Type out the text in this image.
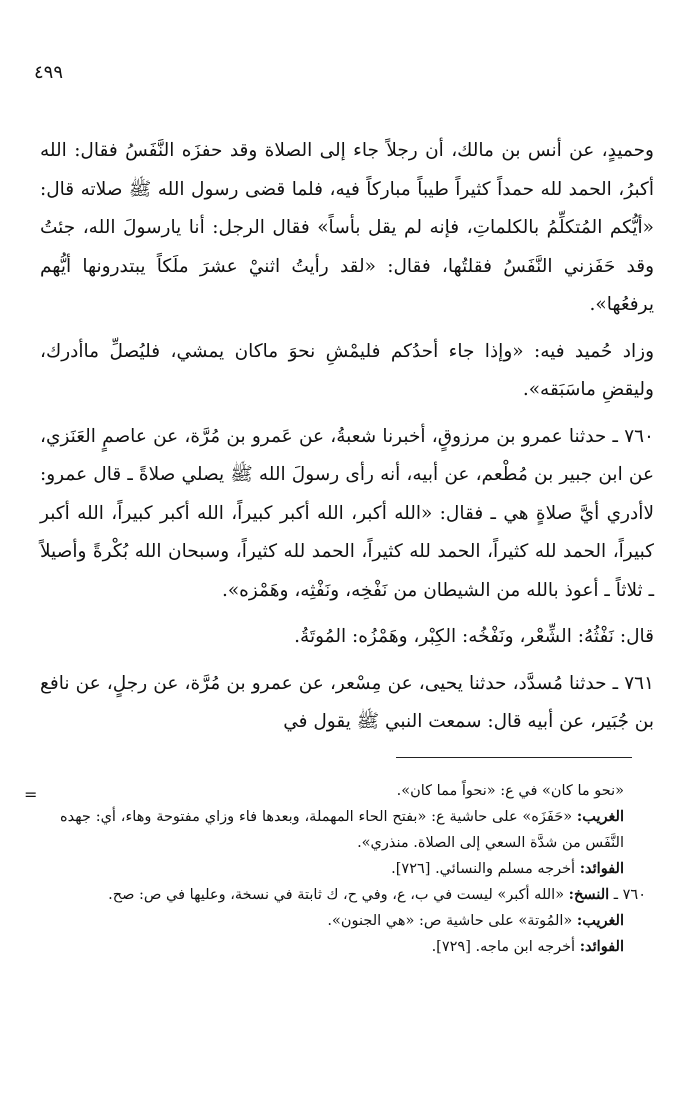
٤٩٩

وحميدٍ، عن أنس بن مالك، أن رجلاً جاء إلى الصلاة وقد حفزَه النَّفَسُ فقال: الله أكبرُ، الحمد لله حمداً كثيراً طيباً مباركاً فيه، فلما قضى رسول الله ﷺ صلاته قال: «أيُّكم المُتكلِّمُ بالكلماتِ، فإنه لم يقل بأساً» فقال الرجل: أنا يارسولَ الله، جئتُ وقد حَفَزني النَّفَسُ فقلتُها، فقال: «لقد رأيتُ اثنيْ عشرَ ملَكاً يبتدرونها أيُّهم يرفعُها».

وزاد حُميد فيه: «وإذا جاء أحدُكم فليمْشِ نحوَ ماكان يمشي، فليُصلِّ ماأدرك، وليقضِ ماسَبَقه».

٧٦٠ ـ حدثنا عمرو بن مرزوقٍ، أخبرنا شعبةُ، عن عَمرو بن مُرَّة، عن عاصمٍ العَنَزي، عن ابن جبير بن مُطْعم، عن أبيه، أنه رأى رسولَ الله ﷺ يصلي صلاةً ـ قال عمرو: لاأدري أيَّ صلاةٍ هي ـ فقال: «الله أكبر، الله أكبر كبيراً، الله أكبر كبيراً، الله أكبر كبيراً، الحمد لله كثيراً، الحمد لله كثيراً، الحمد لله كثيراً، وسبحان الله بُكْرةً وأصيلاً ـ ثلاثاً ـ أعوذ بالله من الشيطان من نَفْخِه، ونَفْثِه، وهَمْزه».

قال: نَفْثُهُ: الشِّعْر، ونَفْخُه: الكِبْر، وهَمْزُه: المُوتَةُ.

٧٦١ ـ حدثنا مُسدَّد، حدثنا يحيى، عن مِسْعر، عن عمرو بن مُرَّة، عن رجلٍ، عن نافع بن جُبَير، عن أبيه قال: سمعت النبي ﷺ يقول في

=	«نحو ما كان» في ع: «نحواً مما كان».

الغريب: «حَفَزَه» على حاشية ع: «بفتح الحاء المهملة، وبعدها فاء وزاي مفتوحة وهاء، أي: جهده النَّفَس من شدَّة السعي إلى الصلاة. منذري».

الفوائد: أخرجه مسلم والنسائي. [٧٢٦].

٧٦٠ ـ النسخ: «الله أكبر» ليست في ب، ع، وفي ح، ك ثابتة في نسخة، وعليها في ص: صح.

الغريب: «المُوتة» على حاشية ص: «هي الجنون».

الفوائد: أخرجه ابن ماجه. [٧٢٩].
